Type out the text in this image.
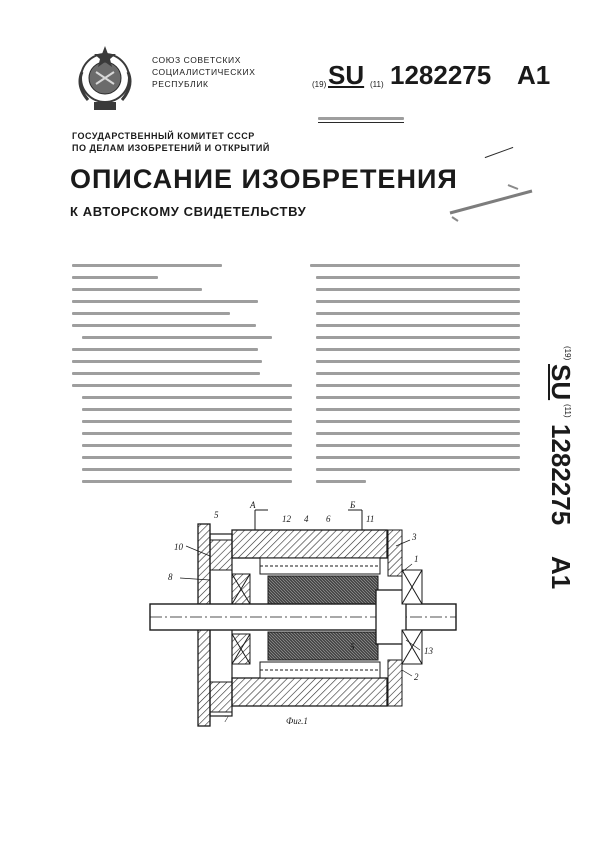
СОЮЗ СОВЕТСКИХ
СОЦИАЛИСТИЧЕСКИХ
РЕСПУБЛИК	(19) SU (11) 1282275 A1
ГОСУДАРСТВЕННЫЙ КОМИТЕТ СССР
ПО ДЕЛАМ ИЗОБРЕТЕНИЙ И ОТКРЫТИЙ
ОПИСАНИЕ ИЗОБРЕТЕНИЯ
К АВТОРСКОМУ СВИДЕТЕЛЬСТВУ
(19)
SU
(11)
1282275
A1
5
10
8
12 4 6	11
3
1
5	13
2
7
А	Б
Фиг.1
